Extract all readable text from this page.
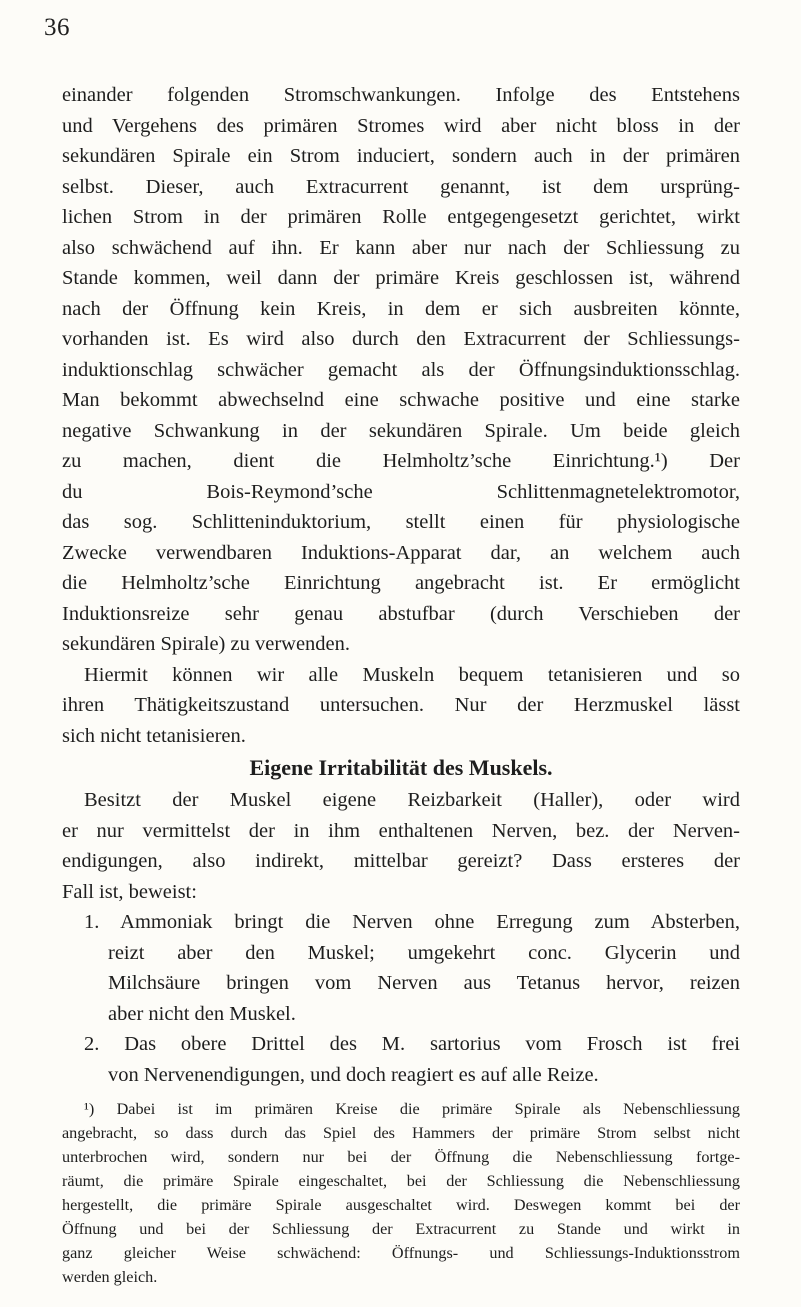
36
einander folgenden Stromschwankungen. Infolge des Entstehens
und Vergehens des primären Stromes wird aber nicht bloss in der
sekundären Spirale ein Strom induciert, sondern auch in der primären
selbst. Dieser, auch Extracurrent genannt, ist dem ursprüng-
lichen Strom in der primären Rolle entgegengesetzt gerichtet, wirkt
also schwächend auf ihn. Er kann aber nur nach der Schliessung zu
Stande kommen, weil dann der primäre Kreis geschlossen ist, während
nach der Öffnung kein Kreis, in dem er sich ausbreiten könnte,
vorhanden ist. Es wird also durch den Extracurrent der Schliessungs-
induktionschlag schwächer gemacht als der Öffnungsinduktionsschlag.
Man bekommt abwechselnd eine schwache positive und eine starke
negative Schwankung in der sekundären Spirale. Um beide gleich
zu machen, dient die Helmholtz’sche Einrichtung.¹) Der
du Bois-Reymond’sche Schlittenmagnetelektromotor,
das sog. Schlitteninduktorium, stellt einen für physiologische
Zwecke verwendbaren Induktions-Apparat dar, an welchem auch
die Helmholtz’sche Einrichtung angebracht ist. Er ermöglicht
Induktionsreize sehr genau abstufbar (durch Verschieben der
sekundären Spirale) zu verwenden.
Hiermit können wir alle Muskeln bequem tetanisieren und so
ihren Thätigkeitszustand untersuchen. Nur der Herzmuskel lässt
sich nicht tetanisieren.
Eigene Irritabilität des Muskels.
Besitzt der Muskel eigene Reizbarkeit (Haller), oder wird
er nur vermittelst der in ihm enthaltenen Nerven, bez. der Nerven-
endigungen, also indirekt, mittelbar gereizt? Dass ersteres der
Fall ist, beweist:
1. Ammoniak bringt die Nerven ohne Erregung zum Absterben,
reizt aber den Muskel; umgekehrt conc. Glycerin und
Milchsäure bringen vom Nerven aus Tetanus hervor, reizen
aber nicht den Muskel.
2. Das obere Drittel des M. sartorius vom Frosch ist frei
von Nervenendigungen, und doch reagiert es auf alle Reize.
¹) Dabei ist im primären Kreise die primäre Spirale als Nebenschliessung
angebracht, so dass durch das Spiel des Hammers der primäre Strom selbst nicht
unterbrochen wird, sondern nur bei der Öffnung die Nebenschliessung fortge-
räumt, die primäre Spirale eingeschaltet, bei der Schliessung die Nebenschliessung
hergestellt, die primäre Spirale ausgeschaltet wird. Deswegen kommt bei der
Öffnung und bei der Schliessung der Extracurrent zu Stande und wirkt in
ganz gleicher Weise schwächend: Öffnungs- und Schliessungs-Induktionsstrom
werden gleich.
